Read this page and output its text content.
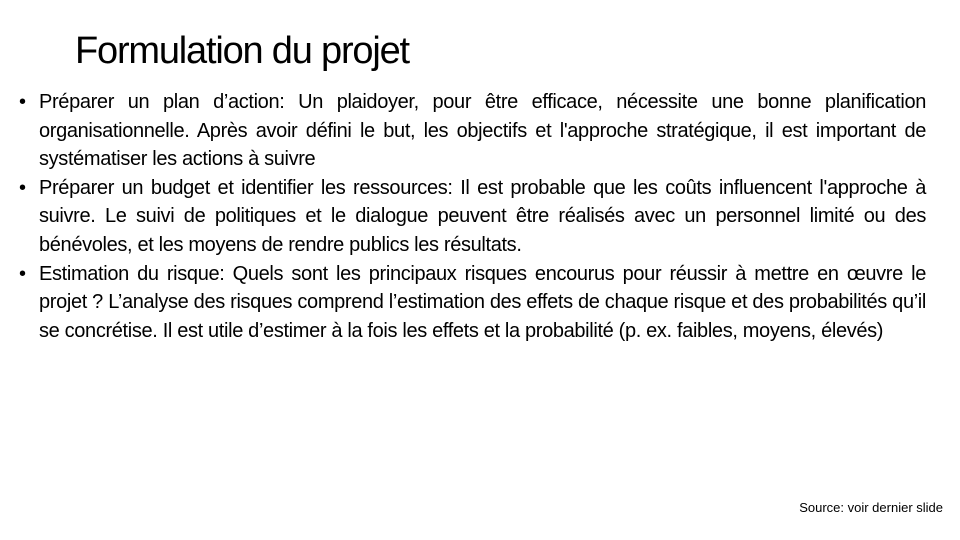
Formulation du projet
• Préparer un plan d’action: Un plaidoyer, pour être efficace, nécessite une bonne planification organisationnelle. Après avoir défini le but, les objectifs et l'approche stratégique, il est important de systématiser les actions à suivre
• Préparer un budget et identifier les ressources: Il est probable que les coûts influencent l'approche à suivre. Le suivi de politiques et le dialogue peuvent être réalisés avec un personnel limité ou des bénévoles, et les moyens de rendre publics les résultats.
• Estimation du risque: Quels sont les principaux risques encourus pour réussir à mettre en œuvre le projet ? L’analyse des risques comprend l’estimation des effets de chaque risque et des probabilités qu’il se concrétise. Il est utile d’estimer à la fois les effets et la probabilité (p. ex. faibles, moyens, élevés)
Source: voir dernier slide
